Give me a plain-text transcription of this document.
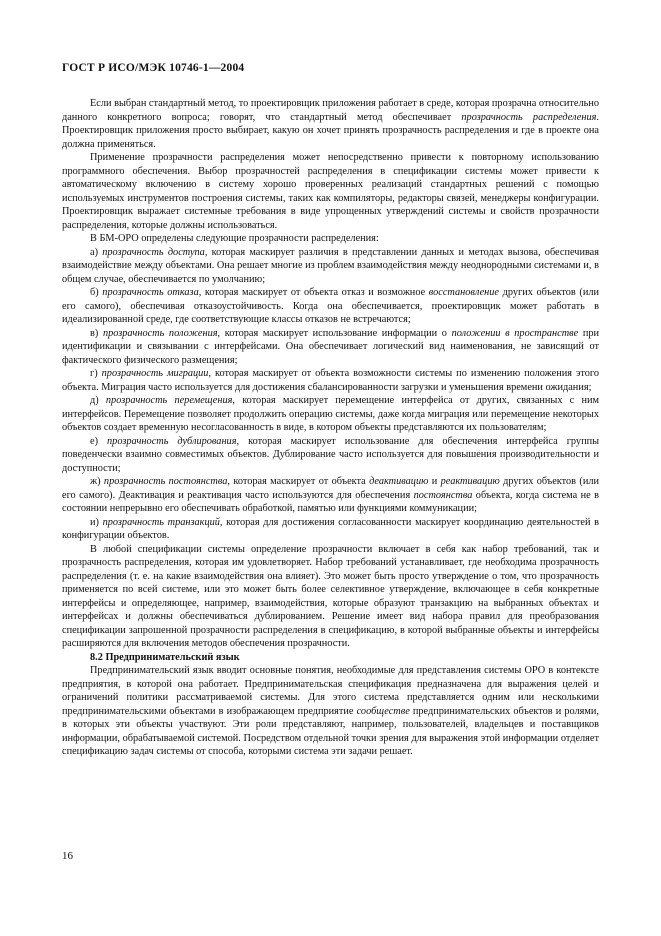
ГОСТ Р ИСО/МЭК 10746-1—2004

Если выбран стандартный метод, то проектировщик приложения работает в среде, которая прозрачна относительно данного конкретного вопроса; говорят, что стандартный метод обеспечивает прозрачность распределения. Проектировщик приложения просто выбирает, какую он хочет принять прозрачность распределения и где в проекте она должна применяться.

Применение прозрачности распределения может непосредственно привести к повторному использованию программного обеспечения. Выбор прозрачностей распределения в спецификации системы может привести к автоматическому включению в систему хорошо проверенных реализаций стандартных решений с помощью используемых инструментов построения системы, таких как компиляторы, редакторы связей, менеджеры конфигурации. Проектировщик выражает системные требования в виде упрощенных утверждений системы и свойств прозрачности распределения, которые должны использоваться.

В БМ-ОРО определены следующие прозрачности распределения:

а) прозрачность доступа, которая маскирует различия в представлении данных и методах вызова, обеспечивая взаимодействие между объектами. Она решает многие из проблем взаимодействия между неоднородными системами и, в общем случае, обеспечивается по умолчанию;

б) прозрачность отказа, которая маскирует от объекта отказ и возможное восстановление других объектов (или его самого), обеспечивая отказоустойчивость. Когда она обеспечивается, проектировщик может работать в идеализированной среде, где соответствующие классы отказов не встречаются;

в) прозрачность положения, которая маскирует использование информации о положении в пространстве при идентификации и связывании с интерфейсами. Она обеспечивает логический вид наименования, не зависящий от фактического физического размещения;

г) прозрачность миграции, которая маскирует от объекта возможности системы по изменению положения этого объекта. Миграция часто используется для достижения сбалансированности загрузки и уменьшения времени ожидания;

д) прозрачность перемещения, которая маскирует перемещение интерфейса от других, связанных с ним интерфейсов. Перемещение позволяет продолжить операцию системы, даже когда миграция или перемещение некоторых объектов создает временную несогласованность в виде, в котором объекты представляются их пользователям;

е) прозрачность дублирования, которая маскирует использование для обеспечения интерфейса группы поведенчески взаимно совместимых объектов. Дублирование часто используется для повышения производительности и доступности;

ж) прозрачность постоянства, которая маскирует от объекта деактивацию и реактивацию других объектов (или его самого). Деактивация и реактивация часто используются для обеспечения постоянства объекта, когда система не в состоянии непрерывно его обеспечивать обработкой, памятью или функциями коммуникации;

и) прозрачность транзакций, которая для достижения согласованности маскирует координацию деятельностей в конфигурации объектов.

В любой спецификации системы определение прозрачности включает в себя как набор требований, так и прозрачность распределения, которая им удовлетворяет. Набор требований устанавливает, где необходима прозрачность распределения (т. е. на какие взаимодействия она влияет). Это может быть просто утверждение о том, что прозрачность применяется по всей системе, или это может быть более селективное утверждение, включающее в себя конкретные интерфейсы и определяющее, например, взаимодействия, которые образуют транзакцию на выбранных объектах и интерфейсах и должны обеспечиваться дублированием. Решение имеет вид набора правил для преобразования спецификации запрошенной прозрачности распределения в спецификацию, в которой выбранные объекты и интерфейсы расширяются для включения методов обеспечения прозрачности.

8.2 Предпринимательский язык

Предпринимательский язык вводит основные понятия, необходимые для представления системы ОРО в контексте предприятия, в которой она работает. Предпринимательская спецификация предназначена для выражения целей и ограничений политики рассматриваемой системы. Для этого система представляется одним или несколькими предпринимательскими объектами в изображающем предприятие сообществе предпринимательских объектов и ролями, в которых эти объекты участвуют. Эти роли представляют, например, пользователей, владельцев и поставщиков информации, обрабатываемой системой. Посредством отдельной точки зрения для выражения этой информации отделяет спецификацию задач системы от способа, которыми система эти задачи решает.

16
